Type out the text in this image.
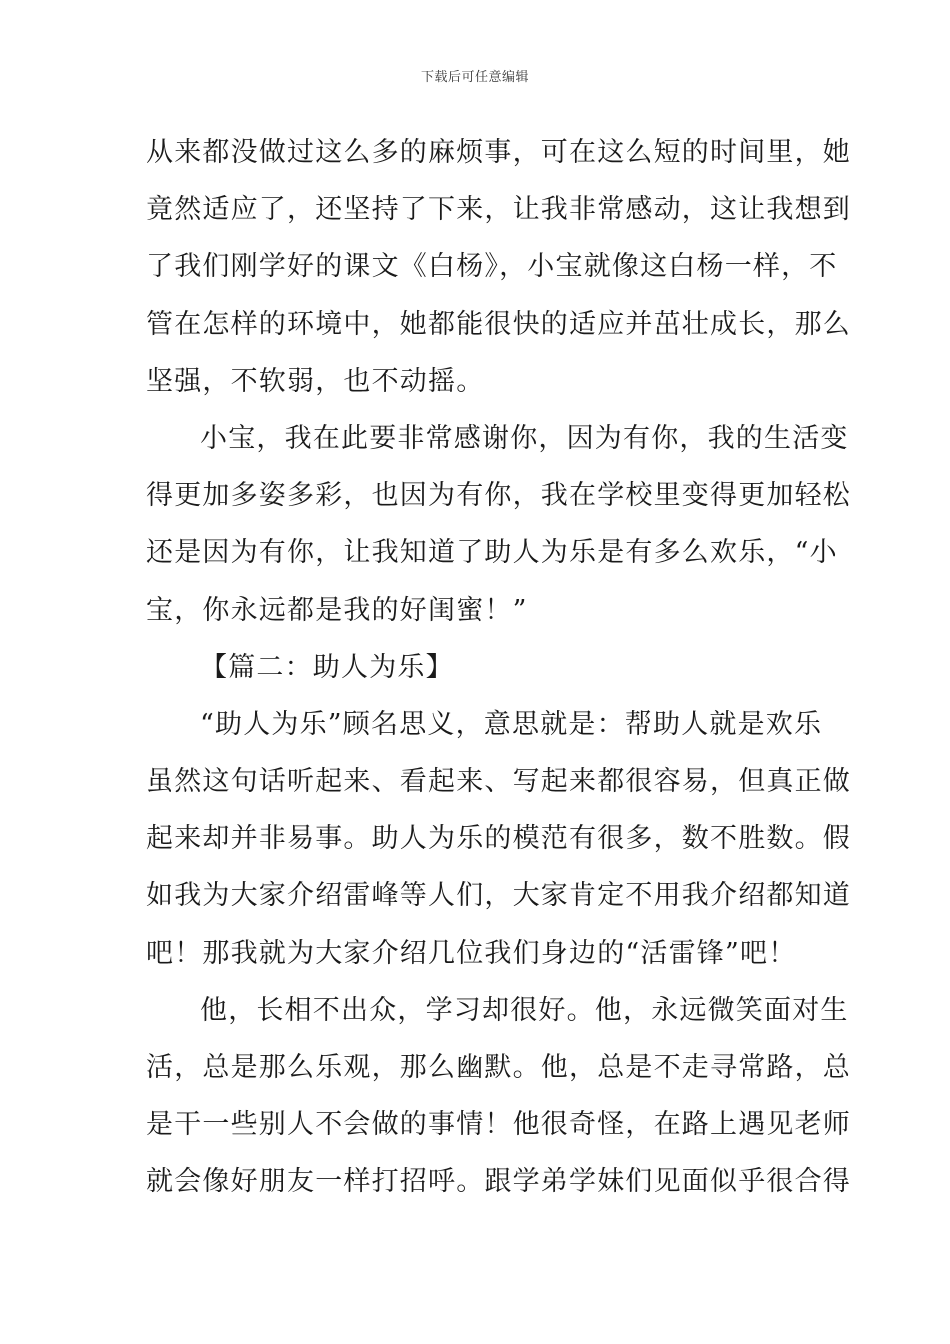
下载后可任意编辑
从来都没做过这么多的麻烦事，可在这么短的时间里，她
竟然适应了，还坚持了下来，让我非常感动，这让我想到
了我们刚学好的课文《白杨》，小宝就像这白杨一样，不
管在怎样的环境中，她都能很快的适应并茁壮成长，那么
坚强，不软弱，也不动摇。
小宝，我在此要非常感谢你，因为有你，我的生活变
得更加多姿多彩，也因为有你，我在学校里变得更加轻松
还是因为有你，让我知道了助人为乐是有多么欢乐，“小
宝，你永远都是我的好闺蜜！”
【篇二：助人为乐】
“助人为乐”顾名思义，意思就是：帮助人就是欢乐
虽然这句话听起来、看起来、写起来都很容易，但真正做
起来却并非易事。助人为乐的模范有很多，数不胜数。假
如我为大家介绍雷峰等人们，大家肯定不用我介绍都知道
吧！那我就为大家介绍几位我们身边的“活雷锋”吧！
他，长相不出众，学习却很好。他，永远微笑面对生
活，总是那么乐观，那么幽默。他，总是不走寻常路，总
是干一些别人不会做的事情！他很奇怪，在路上遇见老师
就会像好朋友一样打招呼。跟学弟学妹们见面似乎很合得
